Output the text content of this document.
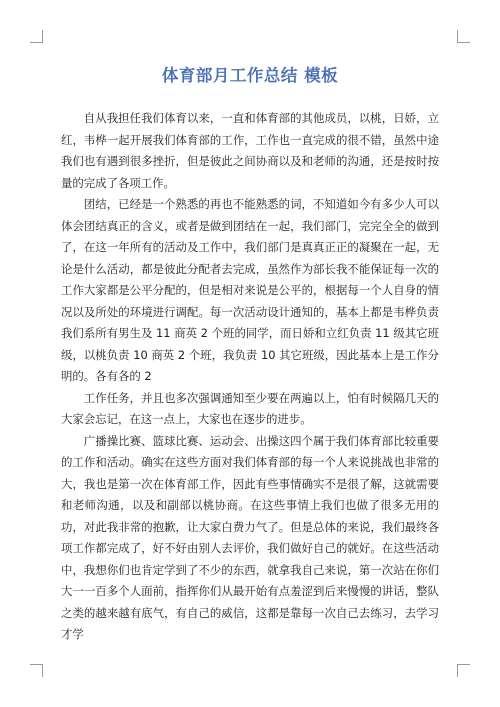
体育部月工作总结 模板

自从我担任我们体育以来，一直和体育部的其他成员，以桃，日娇，立红，韦桦一起开展我们体育部的工作，工作也一直完成的很不错，虽然中途我们也有遇到很多挫折，但是彼此之间协商以及和老师的沟通，还是按时按量的完成了各项工作。

团结，已经是一个熟悉的再也不能熟悉的词，不知道如今有多少人可以体会团结真正的含义，或者是做到团结在一起，我们部门，完完全全的做到了，在这一年所有的活动及工作中，我们部门是真真正正的凝聚在一起，无论是什么活动，都是彼此分配者去完成，虽然作为部长我不能保证每一次的工作大家都是公平分配的，但是相对来说是公平的，根据每一个人自身的情况以及所处的环境进行调配。每一次活动设计通知的，基本上都是韦桦负责我们系所有男生及 11 商英 2 个班的同学，而日娇和立红负责 11 级其它班级，以桃负责 10 商英 2 个班，我负责 10 其它班级，因此基本上是工作分明的。各有各的 2

工作任务，并且也多次强调通知至少要在两遍以上，怕有时候隔几天的大家会忘记，在这一点上，大家也在逐步的进步。

广播操比赛、篮球比赛、运动会、出操这四个属于我们体育部比较重要的工作和活动。确实在这些方面对我们体育部的每一个人来说挑战也非常的大，我也是第一次在体育部工作，因此有些事情确实不是很了解，这就需要和老师沟通，以及和副部以桃协商。在这些事情上我们也做了很多无用的功，对此我非常的抱歉，让大家白费力气了。但是总体的来说，我们最终各项工作都完成了，好不好由别人去评价，我们做好自己的就好。在这些活动中，我想你们也肯定学到了不少的东西，就拿我自己来说，第一次站在你们大一一百多个人面前，指挥你们从最开始有点羞涩到后来慢慢的讲话，整队之类的越来越有底气，有自己的威信，这都是靠每一次自己去练习，去学习才学
